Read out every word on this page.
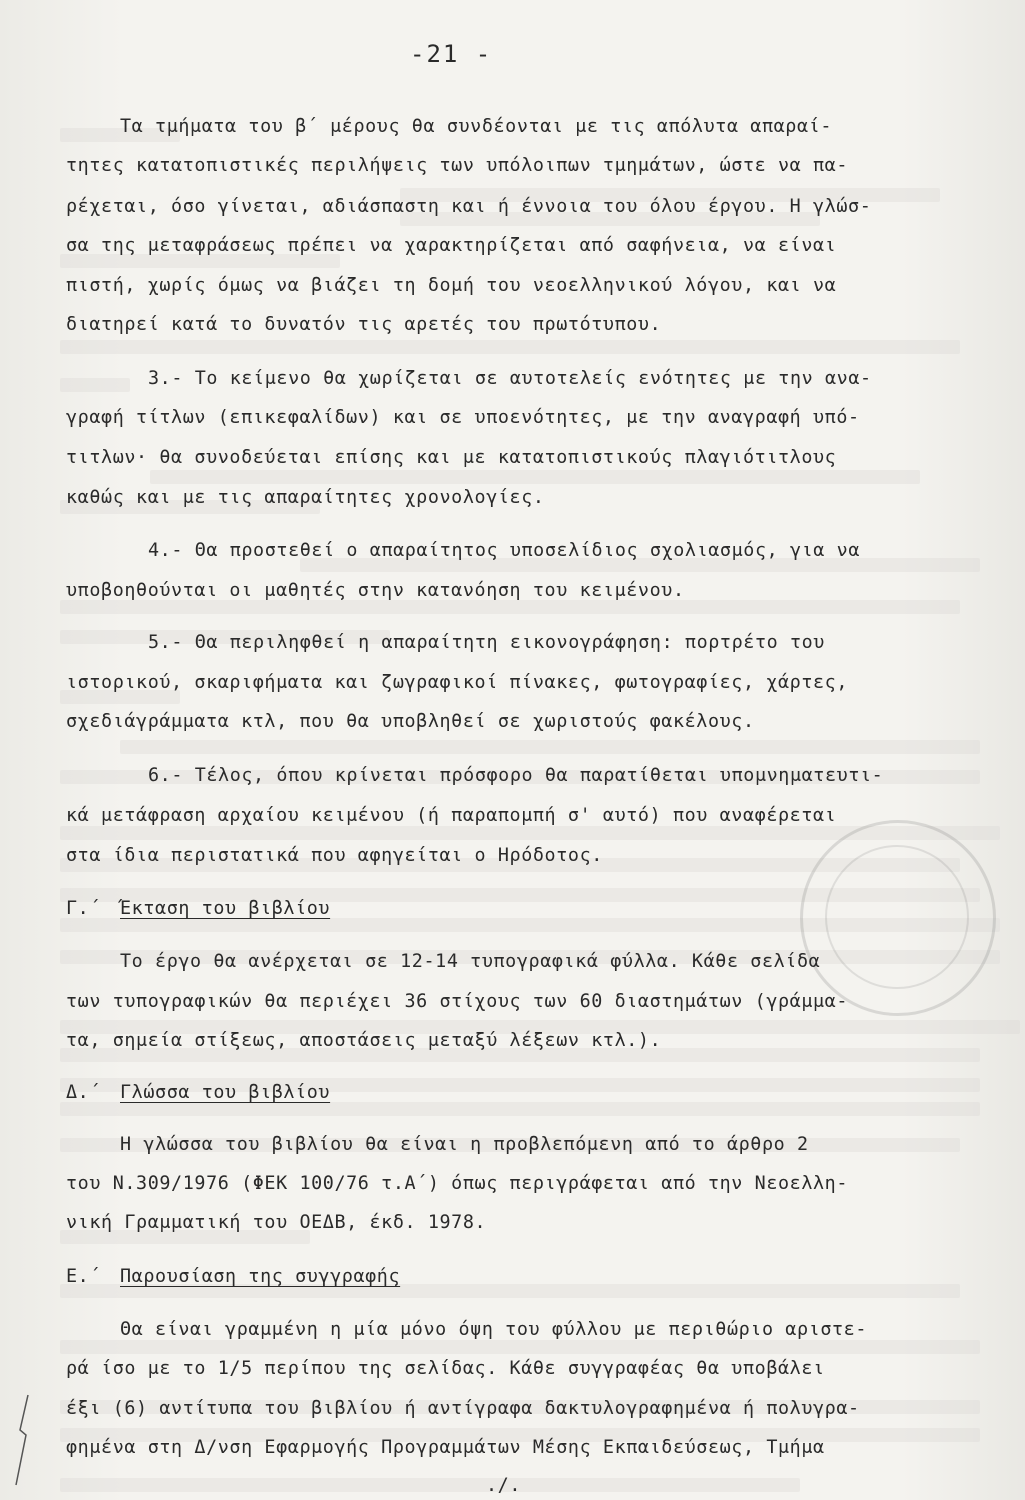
-21 -
Τα τμήματα του β΄ μέρους θα συνδέονται με τις απόλυτα απαραί-
τητες κατατοπιστικές περιλήψεις των υπόλοιπων τμημάτων, ώστε να πα-
ρέχεται, όσο γίνεται, αδιάσπαστη και ή έννοια του όλου έργου. Η γλώσ-
σα της μεταφράσεως πρέπει να χαρακτηρίζεται από σαφήνεια, να είναι
πιστή, χωρίς όμως να βιάζει τη δομή του νεοελληνικού λόγου, και να
διατηρεί κατά το δυνατόν τις αρετές του πρωτότυπου.
3.- Το κείμενο θα χωρίζεται σε αυτοτελείς ενότητες με την ανα-
γραφή τίτλων (επικεφαλίδων) και σε υποενότητες, με την αναγραφή υπό-
τιτλων· θα συνοδεύεται επίσης και με κατατοπιστικούς πλαγιότιτλους
καθώς και με τις απαραίτητες χρονολογίες.
4.- Θα προστεθεί ο απαραίτητος υποσελίδιος σχολιασμός, για να
υποβοηθούνται οι μαθητές στην κατανόηση του κειμένου.
5.- Θα περιληφθεί η απαραίτητη εικονογράφηση: πορτρέτο του
ιστορικού, σκαριφήματα και ζωγραφικοί πίνακες, φωτογραφίες, χάρτες,
σχεδιάγράμματα κτλ, που θα υποβληθεί σε χωριστούς φακέλους.
6.- Τέλος, όπου κρίνεται πρόσφορο θα παρατίθεται υπομνηματευτι-
κά μετάφραση αρχαίου κειμένου (ή παραπομπή σ' αυτό) που αναφέρεται
στα ίδια περιστατικά που αφηγείται ο Ηρόδοτος.
Γ.΄ Έκταση του βιβλίου
Το έργο θα ανέρχεται σε 12-14 τυπογραφικά φύλλα. Κάθε σελίδα
των τυπογραφικών θα περιέχει 36 στίχους των 60 διαστημάτων (γράμμα-
τα, σημεία στίξεως, αποστάσεις μεταξύ λέξεων κτλ.).
Δ.΄ Γλώσσα του βιβλίου
Η γλώσσα του βιβλίου θα είναι η προβλεπόμενη από το άρθρο 2
του Ν.309/1976 (ΦΕΚ 100/76 τ.Α΄) όπως περιγράφεται από την Νεοελλη-
νική Γραμματική του ΟΕΔΒ, έκδ. 1978.
Ε.΄ Παρουσίαση της συγγραφής
Θα είναι γραμμένη η μία μόνο όψη του φύλλου με περιθώριο αριστε-
ρά ίσο με το 1/5 περίπου της σελίδας. Κάθε συγγραφέας θα υποβάλει
έξι (6) αντίτυπα του βιβλίου ή αντίγραφα δακτυλογραφημένα ή πολυγρα-
φημένα στη Δ/νση Εφαρμογής Προγραμμάτων Μέσης Εκπαιδεύσεως, Τμήμα
./.
